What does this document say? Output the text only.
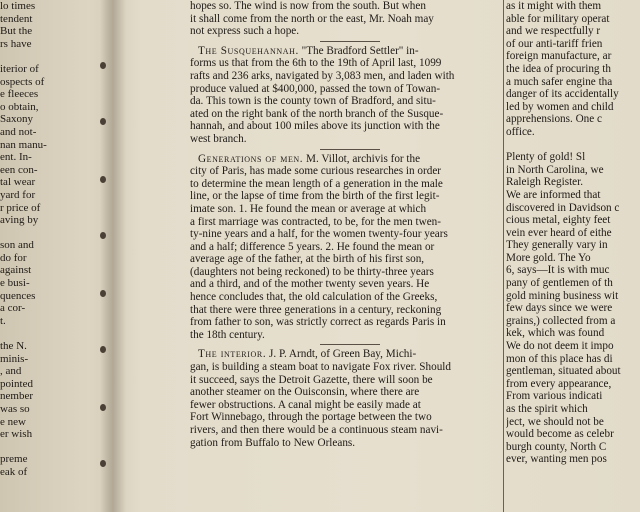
lo times
tendent
But the
rs have
iterior of
ospects of
e fleeces
o obtain,
Saxony
and not-
nan manu-
ent. In-
een con-
tal wear
yard for
r price of
aving by
son and
do for
against
e busi-
quences
a cor-
t.
the N.
minis-
, and
pointed
nember
was so
e new
er wish
preme
eak of
hopes so. The wind is now from the south. But when
it shall come from the north or the east, Mr. Noah may
not express such a hope.
The Susquehannah. "The Bradford Settler" in-
forms us that from the 6th to the 19th of April last, 1099
rafts and 236 arks, navigated by 3,083 men, and laden with
produce valued at $400,000, passed the town of Towan-
da. This town is the county town of Bradford, and situ-
ated on the right bank of the north branch of the Susque-
hannah, and about 100 miles above its junction with the
west branch.
Generations of men. M. Villot, archivis for the
city of Paris, has made some curious researches in order
to determine the mean length of a generation in the male
line, or the lapse of time from the birth of the first legit-
imate son. 1. He found the mean or average at which
a first marriage was contracted, to be, for the men twen-
ty-nine years and a half, for the women twenty-four years
and a half; difference 5 years. 2. He found the mean or
average age of the father, at the birth of his first son,
(daughters not being reckoned) to be thirty-three years
and a third, and of the mother twenty seven years. He
hence concludes that, the old calculation of the Greeks,
that there were three generations in a century, reckoning
from father to son, was strictly correct as regards Paris in
the 18th century.
The interior. J. P. Arndt, of Green Bay, Michi-
gan, is building a steam boat to navigate Fox river. Should
it succeed, says the Detroit Gazette, there will soon be
another steamer on the Ouisconsin, where there are
fewer obstructions. A canal might be easily made at
Fort Winnebago, through the portage between the two
rivers, and then there would be a continuous steam navi-
gation from Buffalo to New Orleans.
as it might with them
able for military operat
and we respectfully r
of our anti-tariff frien
foreign manufacture, ar
the idea of procuring th
a much safer engine tha
danger of its accidentally
led by women and child
apprehensions. One c
office.
Plenty of gold! Sl
in North Carolina, we
Raleigh Register.
We are informed that
discovered in Davidson c
cious metal, eighty feet
vein ever heard of eithe
They generally vary in
More gold. The Yo
6, says—It is with muc
pany of gentlemen of th
gold mining business wit
few days since we were
grains,) collected from a
kek, which was found
We do not deem it impo
mon of this place has di
gentleman, situated about
from every appearance,
From various indicati
as the spirit which
ject, we should not be
would become as celebr
burgh county, North C
ever, wanting men pos
